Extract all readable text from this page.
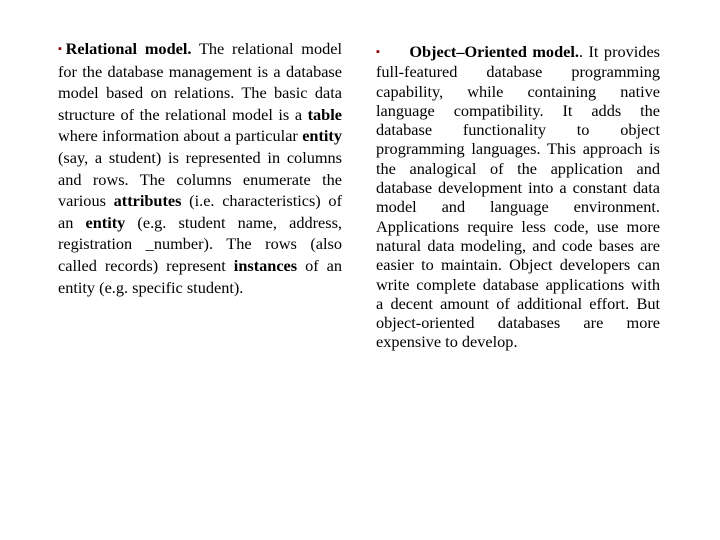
▪Relational model. The relational model for the database management is a database model based on relations. The basic data structure of the relational model is a table where information about a particular entity (say, a student) is represented in columns and rows. The columns enumerate the various attributes (i.e. characteristics) of an entity (e.g. student name, address, registration _number). The rows (also called records) represent instances of an entity (e.g. specific student).
▪ Object–Oriented model.. It provides full-featured database programming capability, while containing native language compatibility. It adds the database functionality to object programming languages. This approach is the analogical of the application and database development into a constant data model and language environment. Applications require less code, use more natural data modeling, and code bases are easier to maintain. Object developers can write complete database applications with a decent amount of additional effort. But object-oriented databases are more expensive to develop.
